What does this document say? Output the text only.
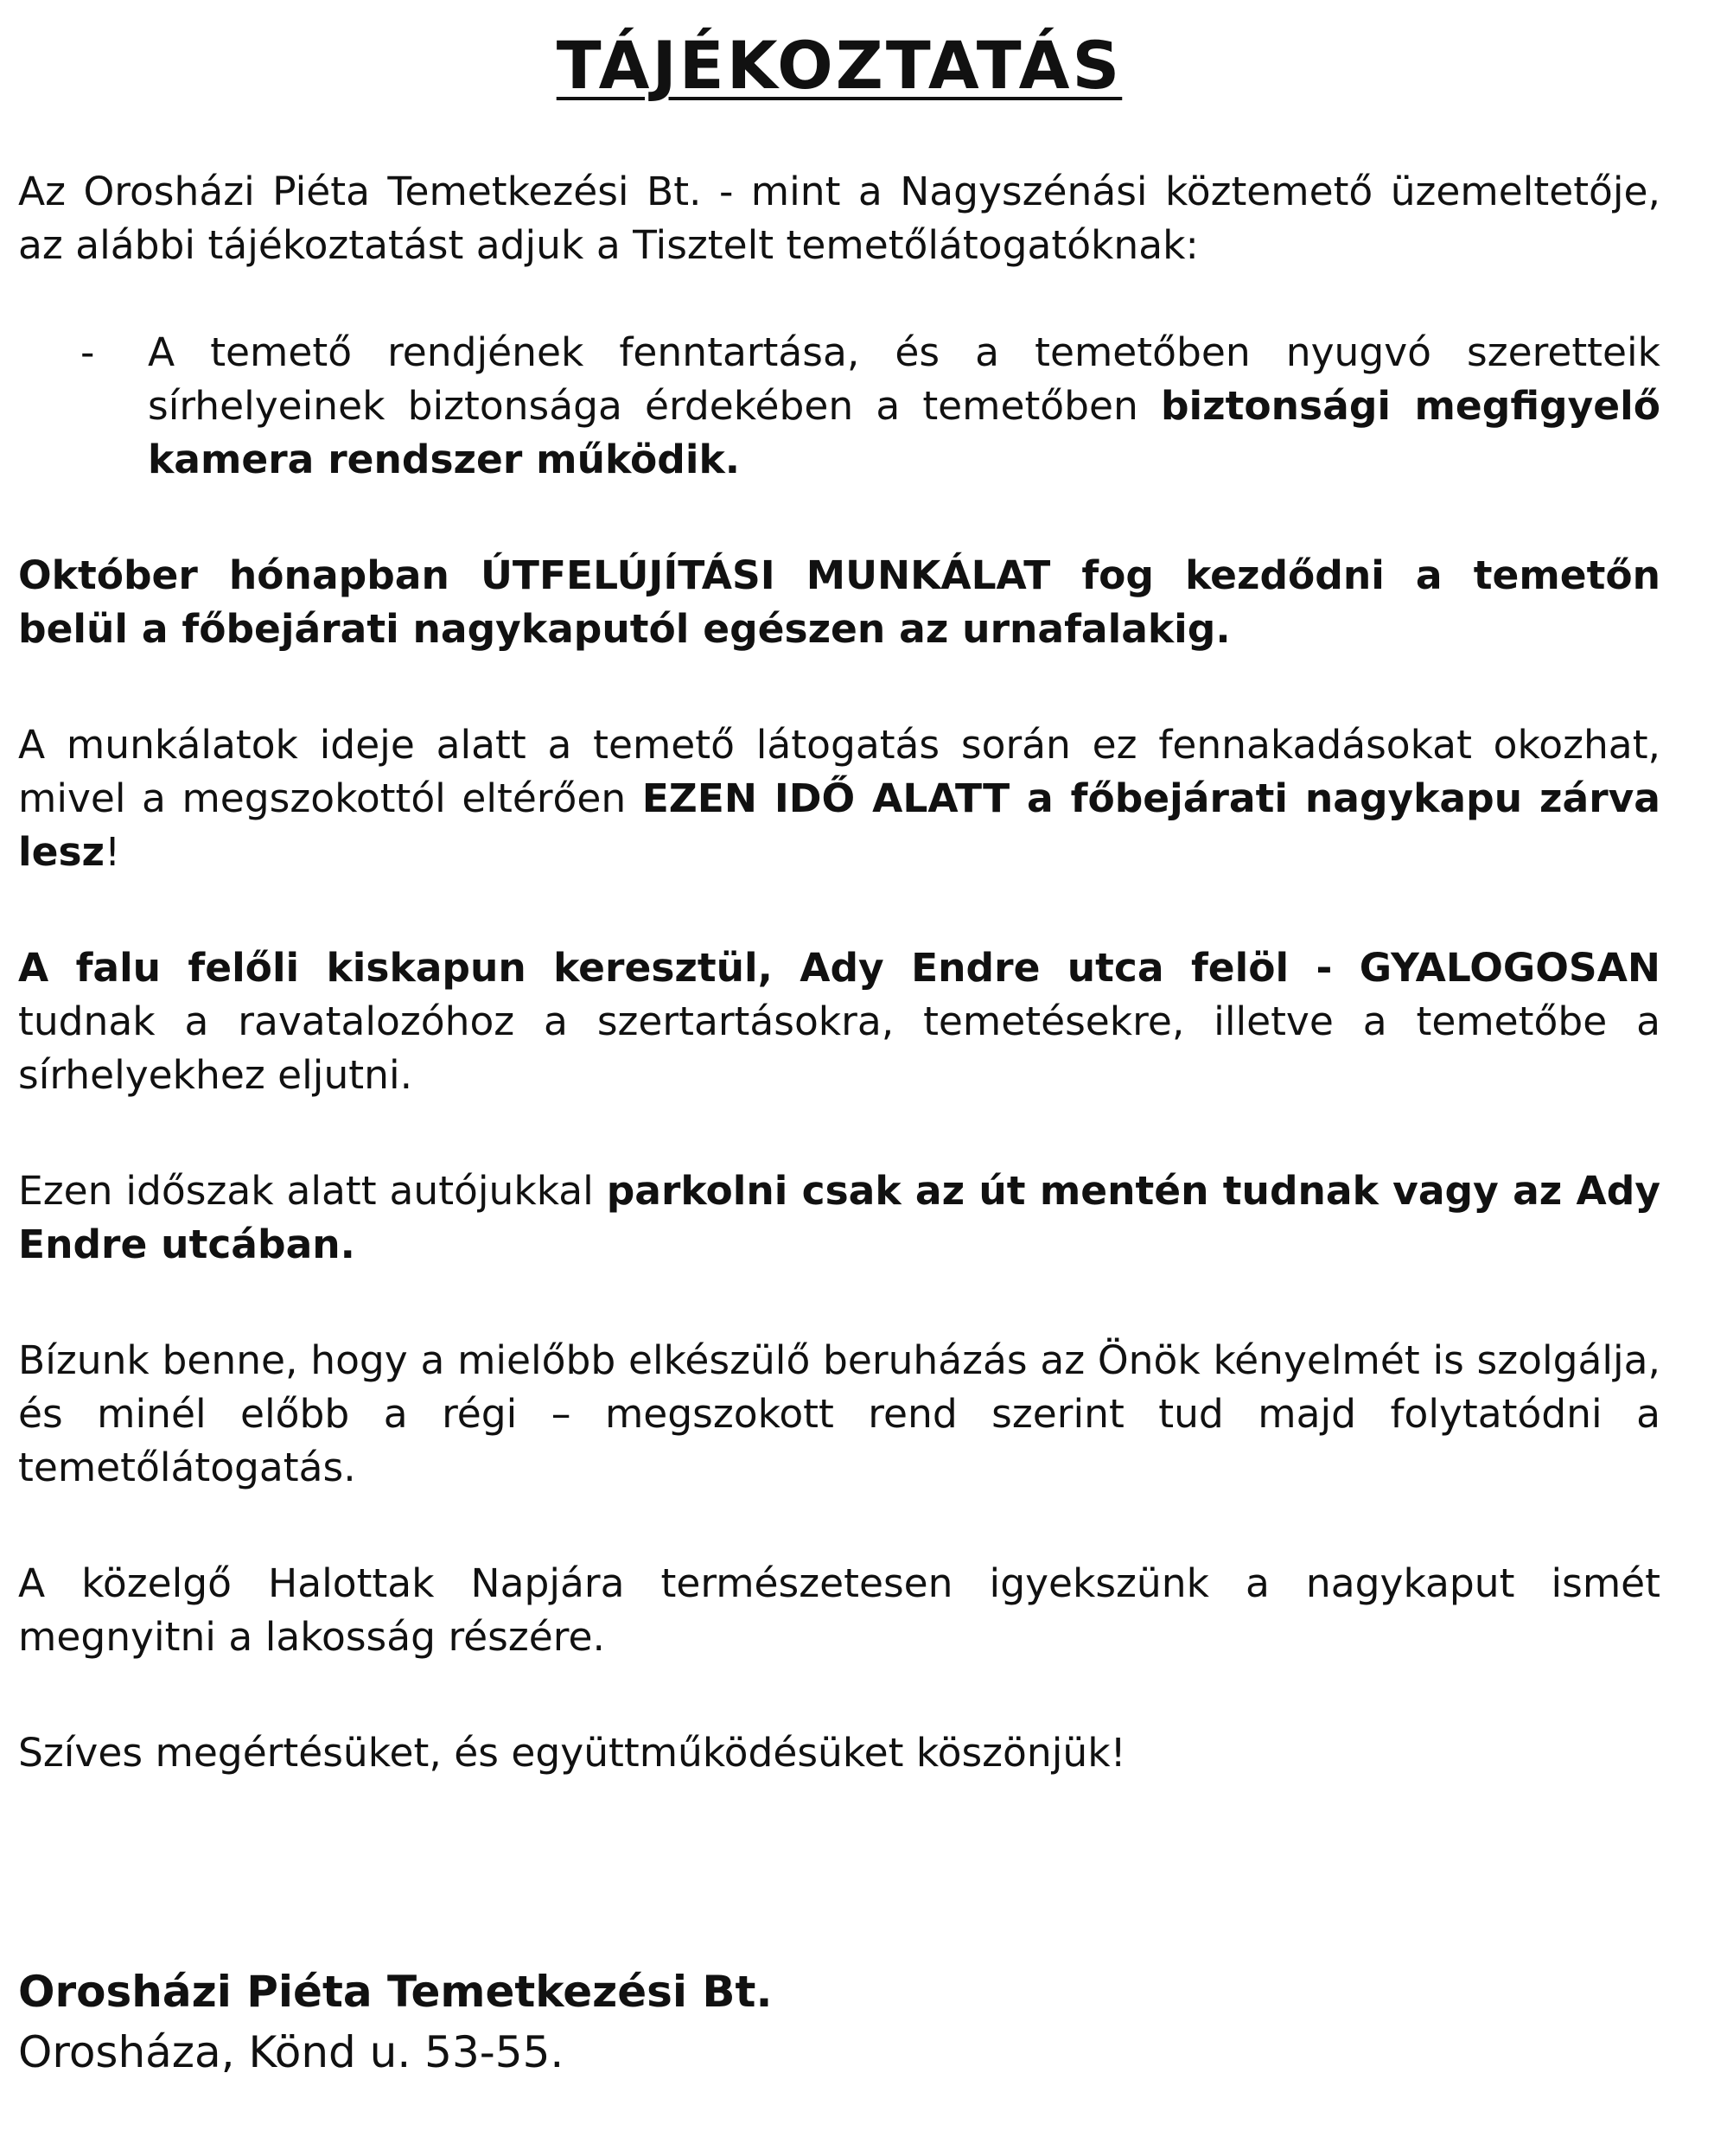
TÁJÉKOZTATÁS

Az Orosházi Piéta Temetkezési Bt. - mint a Nagyszénási köztemető üzemeltetője, az alábbi tájékoztatást adjuk a Tisztelt temetőlátogatóknak:

-	A temető rendjének fenntartása, és a temetőben nyugvó szeretteik sírhelyeinek biztonsága érdekében a temetőben biztonsági megfigyelő kamera rendszer működik.

Október hónapban ÚTFELÚJÍTÁSI MUNKÁLAT fog kezdődni a temetőn belül a főbejárati nagykaputól egészen az urnafalakig.

A munkálatok ideje alatt a temető látogatás során ez fennakadásokat okozhat, mivel a megszokottól eltérően EZEN IDŐ ALATT a főbejárati nagykapu zárva lesz!

A falu felőli kiskapun keresztül, Ady Endre utca felöl - GYALOGOSAN tudnak a ravatalozóhoz a szertartásokra, temetésekre, illetve a temetőbe a sírhelyekhez eljutni.

Ezen időszak alatt autójukkal parkolni csak az út mentén tudnak vagy az Ady Endre utcában.

Bízunk benne, hogy a mielőbb elkészülő beruházás az Önök kényelmét is szolgálja, és minél előbb a régi – megszokott rend szerint tud majd folytatódni a temetőlátogatás.

A közelgő Halottak Napjára természetesen igyekszünk a nagykaput ismét megnyitni a lakosság részére.

Szíves megértésüket, és együttműködésüket köszönjük!

Orosházi Piéta Temetkezési Bt.

Orosháza, Könd u. 53-55.
